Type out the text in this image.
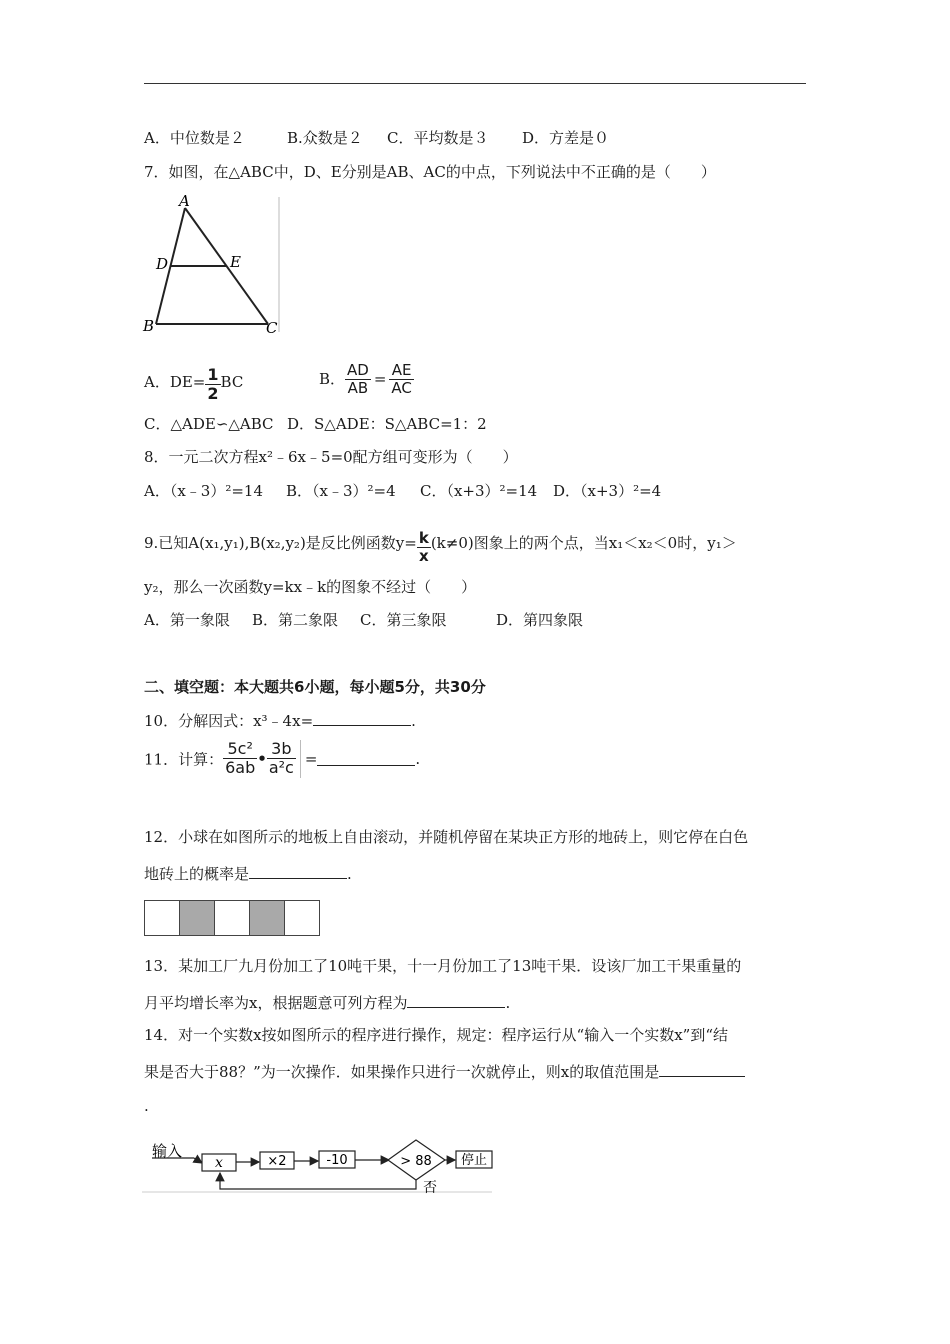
A．中位数是２	B.众数是２ C．平均数是３ D．方差是０
7．如图，在△ABC中，D、E分别是AB、AC的中点，下列说法中不正确的是（　　）
A
D	E
B	C
A．$DE= \frac{1}{2}$ BC	B． $\frac{AD}{AB} = \frac{AE}{AC}$
C．△ADE∽△ABC D．S△ADE：S△ABC=1：2
8．一元二次方程x²﹣6x﹣5=0配方组可变形为（　　）
A．（x﹣3）²=14 B．（x﹣3）²=4 C．（x+3）²=14 D．（x+3）²=4
9.已知A(x₁,y₁),B(x₂,y₂)是反比例函数$y= \frac{k}{x} (k\ne 0)$图象上的两个点，当x₁＜x₂＜0时，y₁＞
y₂，那么一次函数y=kx﹣k的图象不经过（　　）
A．第一象限 B．第二象限 C．第三象限	D．第四象限
二、填空题：本大题共6小题，每小题5分，共30分
10．分解因式：x³﹣4x=	.
11．计算： $\frac{\text{5c²}}{6ab}$ • $\frac{3b}{\text{a²c}}$ =	.
12．小球在如图所示的地板上自由滚动，并随机停留在某块正方形的地砖上，则它停在白色
地砖上的概率是	.
13．某加工厂九月份加工了10吨干果，十一月份加工了13吨干果．设该厂加工干果重量的
月平均增长率为x，根据题意可列方程为	.
14．对一个实数x按如图所示的程序进行操作，规定：程序运行从“输入一个实数x”到“结
果是否大于88？”为一次操作．如果操作只进行一次就停止，则x的取值范围是
.
输入
x	×2	-10	> 88 停止
否
